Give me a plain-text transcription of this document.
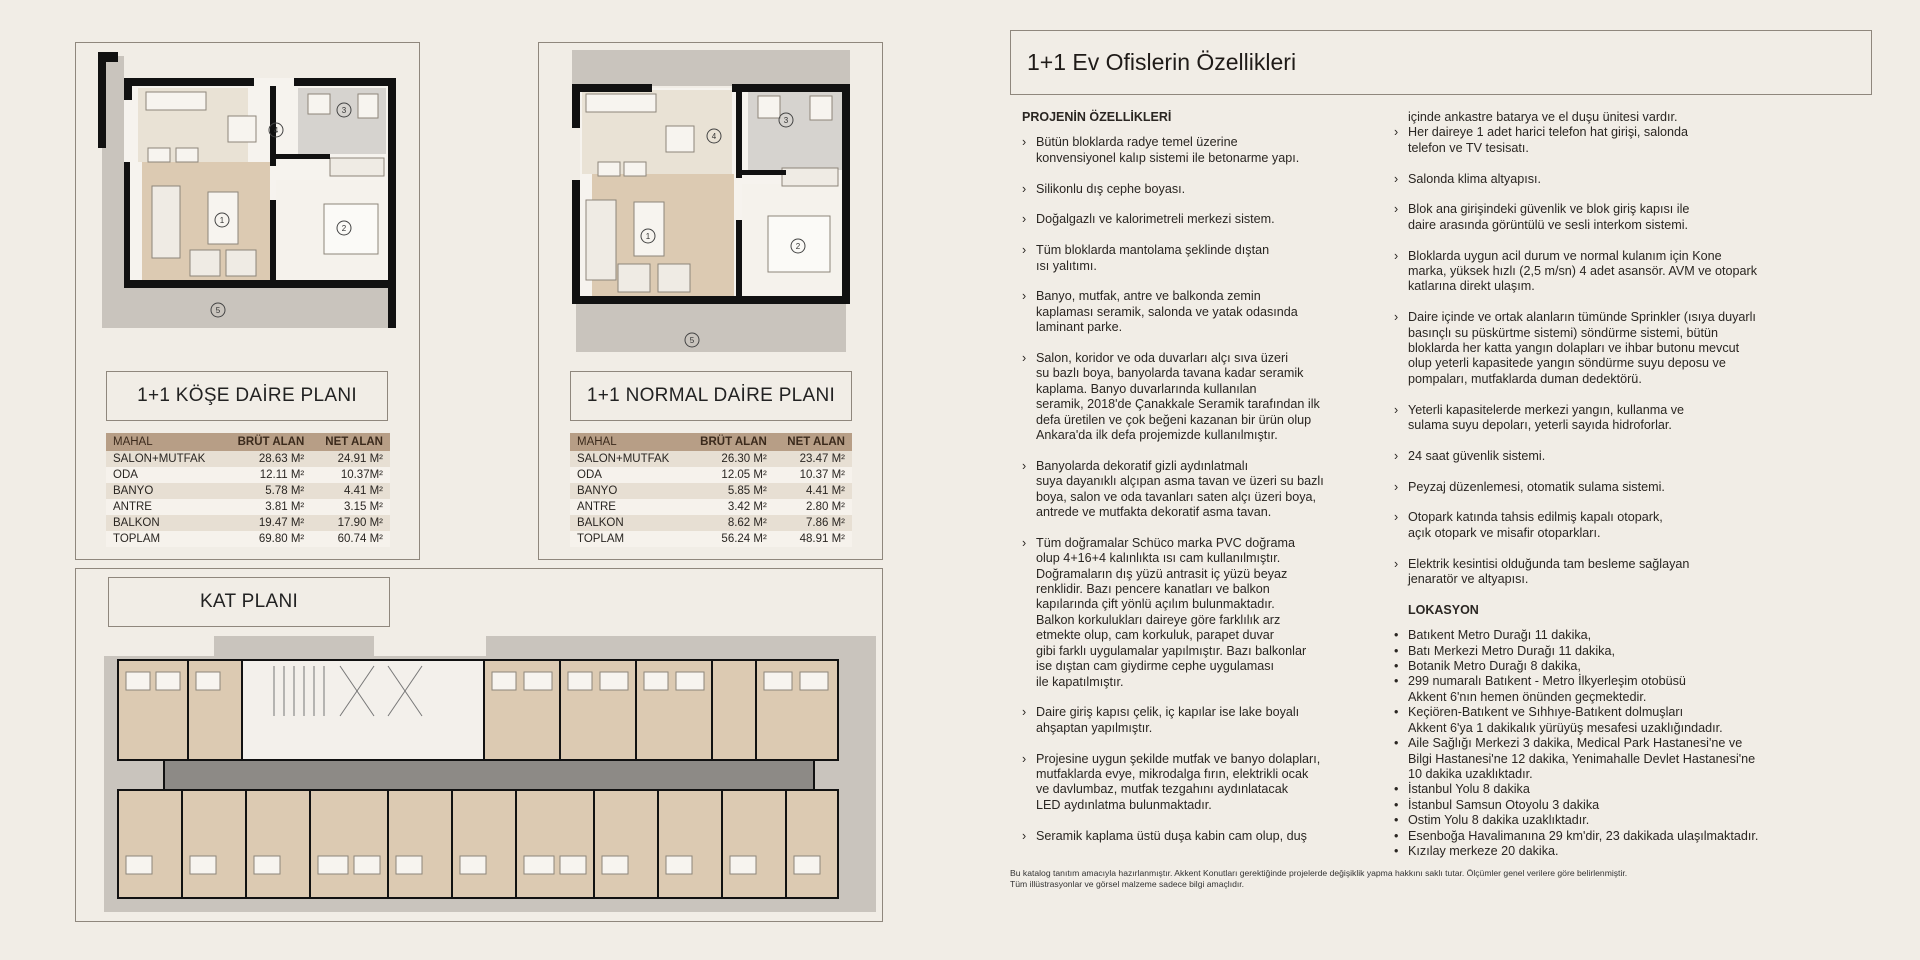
1
2
3
4
5
1+1 KÖŞE DAİRE PLANI
MAHAL	BRÜT ALAN	NET ALAN
SALON+MUTFAK	28.63 M²	24.91 M²
ODA	12.11 M²	10.37M²
BANYO	5.78 M²	4.41 M²
ANTRE	3.81 M²	3.15 M²
BALKON	19.47 M²	17.90 M²
TOPLAM	69.80 M²	60.74 M²
1
2
3
4
5
1+1 NORMAL DAİRE PLANI
MAHAL	BRÜT ALAN	NET ALAN
SALON+MUTFAK	26.30 M²	23.47 M²
ODA	12.05 M²	10.37 M²
BANYO	5.85 M²	4.41 M²
ANTRE	3.42 M²	2.80 M²
BALKON	8.62 M²	7.86 M²
TOPLAM	56.24 M²	48.91 M²
KAT PLANI
1+1 Ev Ofislerin Özellikleri
PROJENİN ÖZELLİKLERİ
› Bütün bloklarda radye temel üzerine
konvensiyonel kalıp sistemi ile betonarme yapı.
› Silikonlu dış cephe boyası.
› Doğalgazlı ve kalorimetreli merkezi sistem.
› Tüm bloklarda mantolama şeklinde dıştan
ısı yalıtımı.
› Banyo, mutfak, antre ve balkonda zemin
kaplaması seramik, salonda ve yatak odasında
laminant parke.
› Salon, koridor ve oda duvarları alçı sıva üzeri
su bazlı boya, banyolarda tavana kadar seramik
kaplama. Banyo duvarlarında kullanılan
seramik, 2018'de Çanakkale Seramik tarafından ilk
defa üretilen ve çok beğeni kazanan bir ürün olup
Ankara'da ilk defa projemizde kullanılmıştır.
› Banyolarda dekoratif gizli aydınlatmalı
suya dayanıklı alçıpan asma tavan ve üzeri su bazlı
boya, salon ve oda tavanları saten alçı üzeri boya,
antrede ve mutfakta dekoratif asma tavan.
› Tüm doğramalar Schüco marka PVC doğrama
olup 4+16+4 kalınlıkta ısı cam kullanılmıştır.
Doğramaların dış yüzü antrasit iç yüzü beyaz
renklidir. Bazı pencere kanatları ve balkon
kapılarında çift yönlü açılım bulunmaktadır.
Balkon korkulukları daireye göre farklılık arz
etmekte olup, cam korkuluk, parapet duvar
gibi farklı uygulamalar yapılmıştır. Bazı balkonlar
ise dıştan cam giydirme cephe uygulaması
ile kapatılmıştır.
› Daire giriş kapısı çelik, iç kapılar ise lake boyalı
ahşaptan yapılmıştır.
› Projesine uygun şekilde mutfak ve banyo dolapları,
mutfaklarda evye, mikrodalga fırın, elektrikli ocak
ve davlumbaz, mutfak tezgahını aydınlatacak
LED aydınlatma bulunmaktadır.
› Seramik kaplama üstü duşa kabin cam olup, duş
içinde ankastre batarya ve el duşu ünitesi vardır.
› Her daireye 1 adet harici telefon hat girişi, salonda
telefon ve TV tesisatı.
› Salonda klima altyapısı.
› Blok ana girişindeki güvenlik ve blok giriş kapısı ile
daire arasında görüntülü ve sesli interkom sistemi.
› Bloklarda uygun acil durum ve normal kulanım için Kone
marka, yüksek hızlı (2,5 m/sn) 4 adet asansör. AVM ve otopark
katlarına direkt ulaşım.
› Daire içinde ve ortak alanların tümünde Sprinkler (ısıya duyarlı
basınçlı su püskürtme sistemi) söndürme sistemi, bütün
bloklarda her katta yangın dolapları ve ihbar butonu mevcut
olup yeterli kapasitede yangın söndürme suyu deposu ve
pompaları, mutfaklarda duman dedektörü.
› Yeterli kapasitelerde merkezi yangın, kullanma ve
sulama suyu depoları, yeterli sayıda hidroforlar.
› 24 saat güvenlik sistemi.
› Peyzaj düzenlemesi, otomatik sulama sistemi.
› Otopark katında tahsis edilmiş kapalı otopark,
açık otopark ve misafir otoparkları.
› Elektrik kesintisi olduğunda tam besleme sağlayan
jenaratör ve altyapısı.
LOKASYON
• Batıkent Metro Durağı 11 dakika,
• Batı Merkezi Metro Durağı 11 dakika,
• Botanik Metro Durağı 8 dakika,
• 299 numaralı Batıkent - Metro İlkyerleşim otobüsü
Akkent 6'nın hemen önünden geçmektedir.
• Keçiören-Batıkent ve Sıhhıye-Batıkent dolmuşları
Akkent 6'ya 1 dakikalık yürüyüş mesafesi uzaklığındadır.
• Aile Sağlığı Merkezi 3 dakika, Medical Park Hastanesi'ne ve
Bilgi Hastanesi'ne 12 dakika, Yenimahalle Devlet Hastanesi'ne
10 dakika uzaklıktadır.
• İstanbul Yolu 8 dakika
• İstanbul Samsun Otoyolu 3 dakika
• Ostim Yolu 8 dakika uzaklıktadır.
• Esenboğa Havalimanına 29 km'dir, 23 dakikada ulaşılmaktadır.
• Kızılay merkeze 20 dakika.
Bu katalog tanıtım amacıyla hazırlanmıştır. Akkent Konutları gerektiğinde projelerde değişiklik yapma hakkını saklı tutar. Ölçümler genel verilere göre belirlenmiştir.
Tüm illüstrasyonlar ve görsel malzeme sadece bilgi amaçlıdır.
